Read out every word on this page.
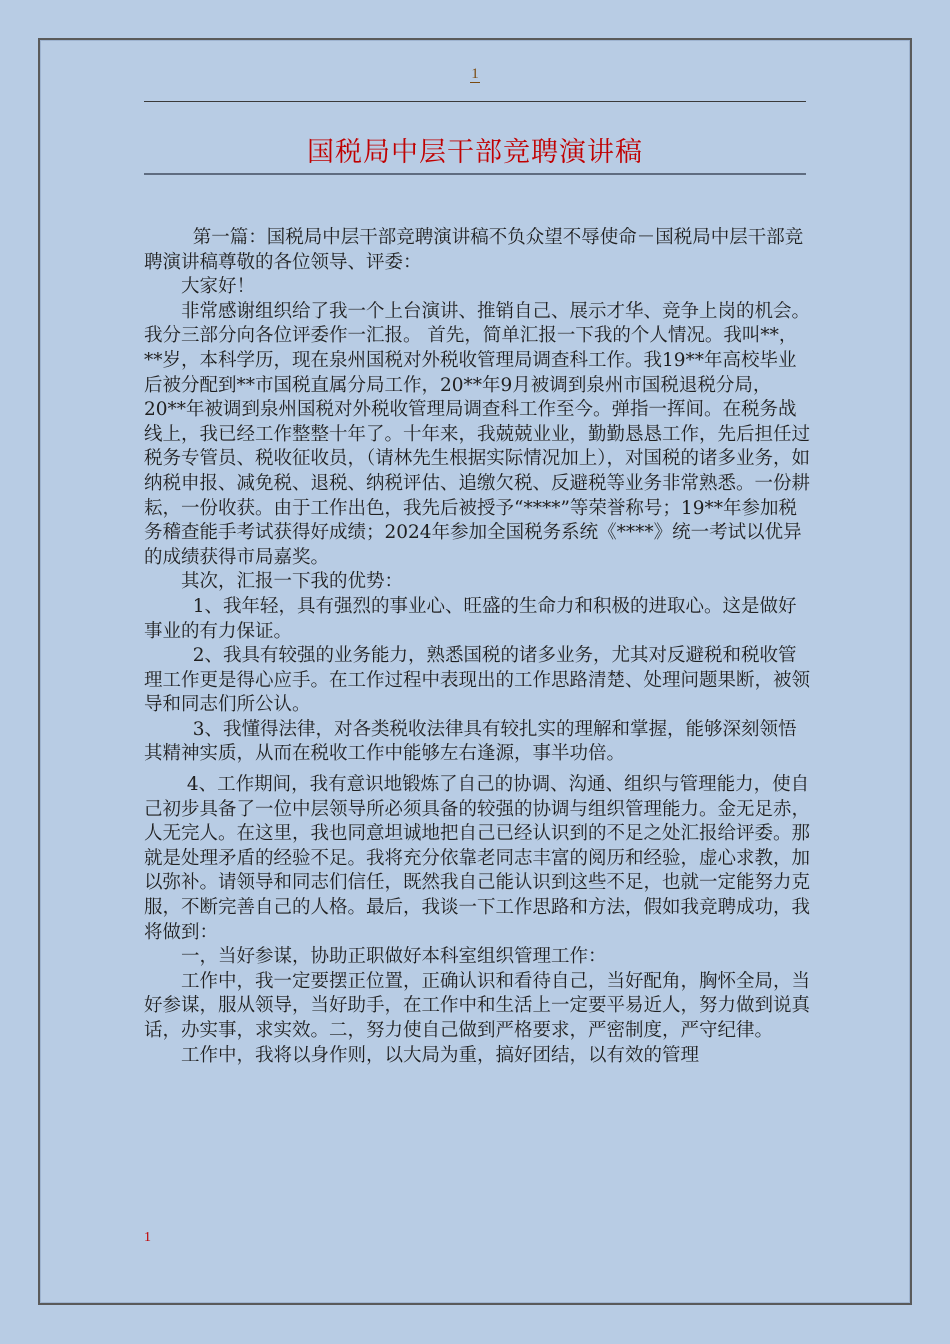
1
国税局中层干部竞聘演讲稿

第一篇：国税局中层干部竞聘演讲稿不负众望不辱使命－国税局中层干部竞聘演讲稿尊敬的各位领导、评委：

大家好！

非常感谢组织给了我一个上台演讲、推销自己、展示才华、竞争上岗的机会。我分三部分向各位评委作一汇报。 首先，简单汇报一下我的个人情况。我叫**，**岁，本科学历，现在泉州国税对外税收管理局调查科工作。我19**年高校毕业后被分配到**市国税直属分局工作，20**年9月被调到泉州市国税退税分局，20**年被调到泉州国税对外税收管理局调查科工作至今。弹指一挥间。在税务战线上，我已经工作整整十年了。十年来，我兢兢业业，勤勤恳恳工作，先后担任过税务专管员、税收征收员，（请林先生根据实际情况加上），对国税的诸多业务，如纳税申报、减免税、退税、纳税评估、追缴欠税、反避税等业务非常熟悉。一份耕耘，一份收获。由于工作出色，我先后被授予“****”等荣誉称号；19**年参加税务稽查能手考试获得好成绩；2024年参加全国税务系统《****》统一考试以优异的成绩获得市局嘉奖。

其次，汇报一下我的优势：

1、我年轻，具有强烈的事业心、旺盛的生命力和积极的进取心。这是做好事业的有力保证。

2、我具有较强的业务能力，熟悉国税的诸多业务，尤其对反避税和税收管理工作更是得心应手。在工作过程中表现出的工作思路清楚、处理问题果断，被领导和同志们所公认。

3、我懂得法律，对各类税收法律具有较扎实的理解和掌握，能够深刻领悟其精神实质，从而在税收工作中能够左右逢源，事半功倍。

4、工作期间，我有意识地锻炼了自己的协调、沟通、组织与管理能力，使自己初步具备了一位中层领导所必须具备的较强的协调与组织管理能力。金无足赤，人无完人。在这里，我也同意坦诚地把自己已经认识到的不足之处汇报给评委。那就是处理矛盾的经验不足。我将充分依靠老同志丰富的阅历和经验，虚心求教，加以弥补。请领导和同志们信任，既然我自己能认识到这些不足，也就一定能努力克服，不断完善自己的人格。最后，我谈一下工作思路和方法，假如我竞聘成功，我将做到：

一，当好参谋，协助正职做好本科室组织管理工作：

工作中，我一定要摆正位置，正确认识和看待自己，当好配角，胸怀全局，当好参谋，服从领导，当好助手，在工作中和生活上一定要平易近人，努力做到说真话，办实事，求实效。二，努力使自己做到严格要求，严密制度，严守纪律。

工作中，我将以身作则，以大局为重，搞好团结，以有效的管理

1
